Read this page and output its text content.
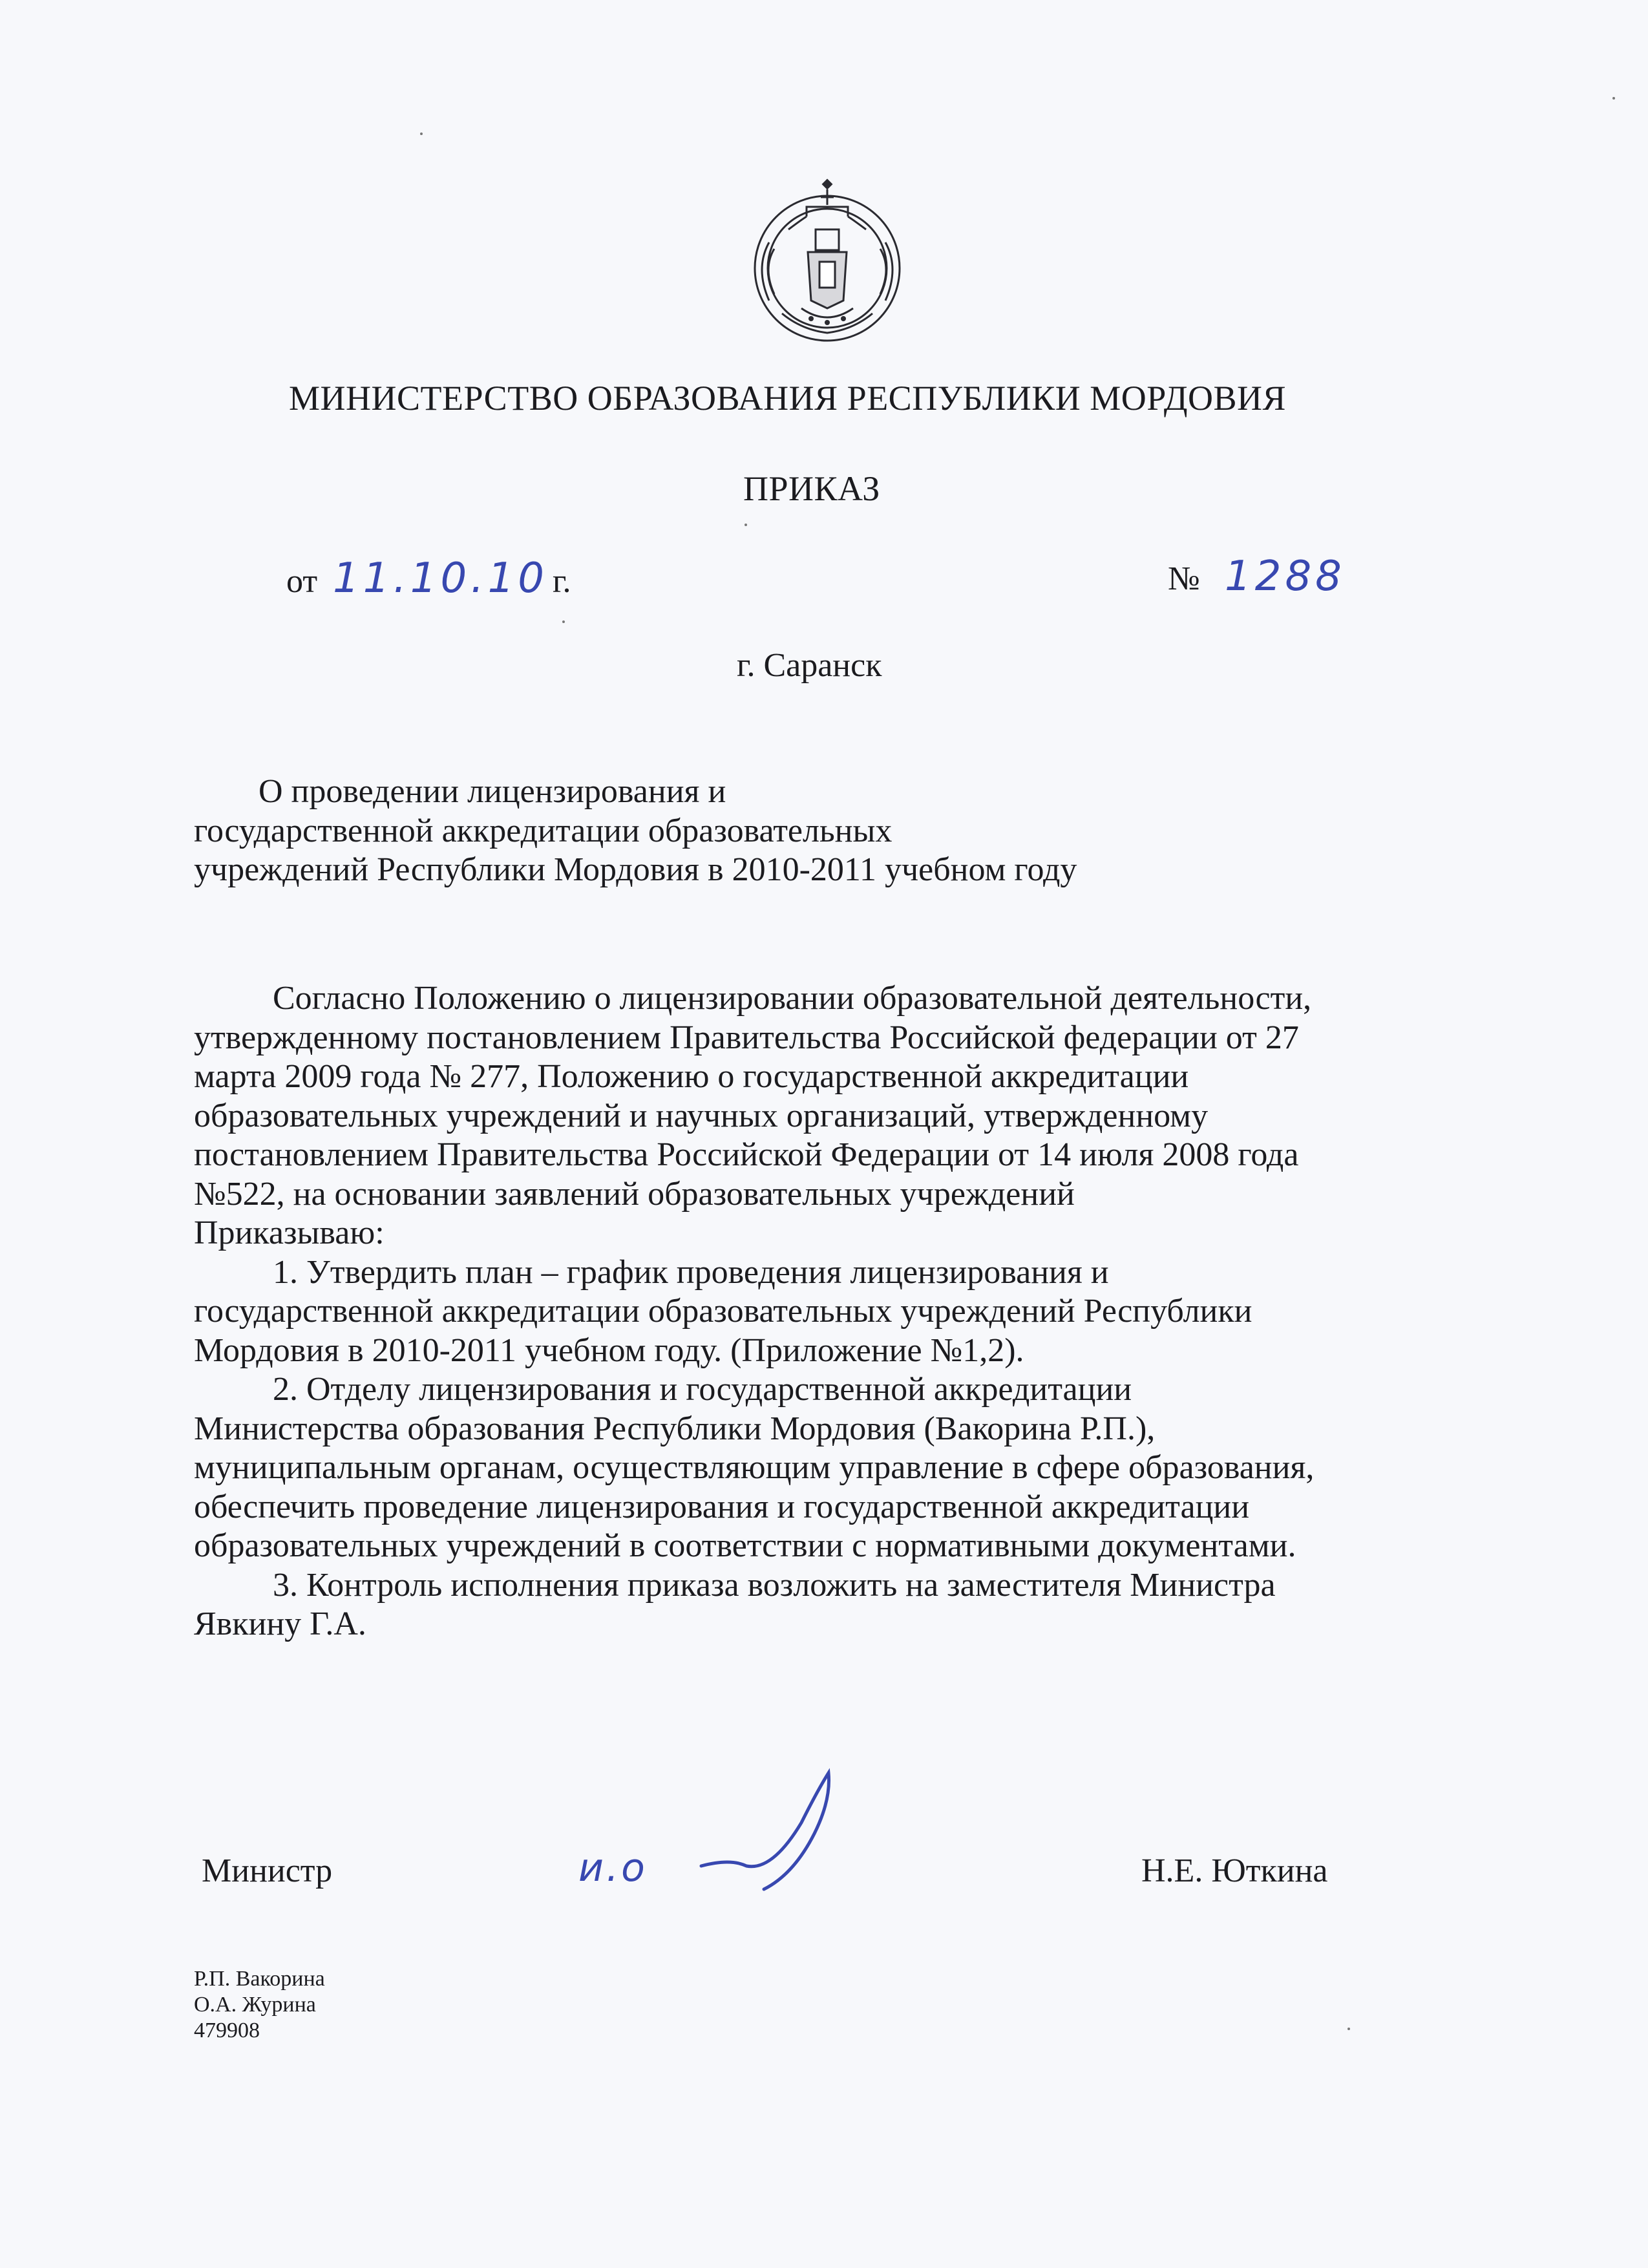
МИНИСТЕРСТВО ОБРАЗОВАНИЯ РЕСПУБЛИКИ МОРДОВИЯ
ПРИКАЗ
от 11.10.10 г.	№ 1288
г. Саранск
О проведении лицензирования и
государственной аккредитации образовательных
учреждений Республики Мордовия в 2010-2011 учебном году
Согласно Положению о лицензировании образовательной деятельности,
утвержденному постановлением Правительства Российской федерации от 27
марта 2009 года № 277, Положению о государственной аккредитации
образовательных учреждений и научных организаций, утвержденному
постановлением Правительства Российской Федерации от 14 июля 2008 года
№522, на основании заявлений образовательных учреждений
Приказываю:
1. Утвердить план – график проведения лицензирования и
государственной аккредитации образовательных учреждений Республики
Мордовия в 2010-2011 учебном году. (Приложение №1,2).
2. Отделу лицензирования и государственной аккредитации
Министерства образования Республики Мордовия (Вакорина Р.П.),
муниципальным органам, осуществляющим управление в сфере образования,
обеспечить проведение лицензирования и государственной аккредитации
образовательных учреждений в соответствии с нормативными документами.
3. Контроль исполнения приказа возложить на заместителя Министра
Явкину Г.А.
Министр	и.о	Н.Е. Юткина
Р.П. Вакорина
О.А. Журина
479908
